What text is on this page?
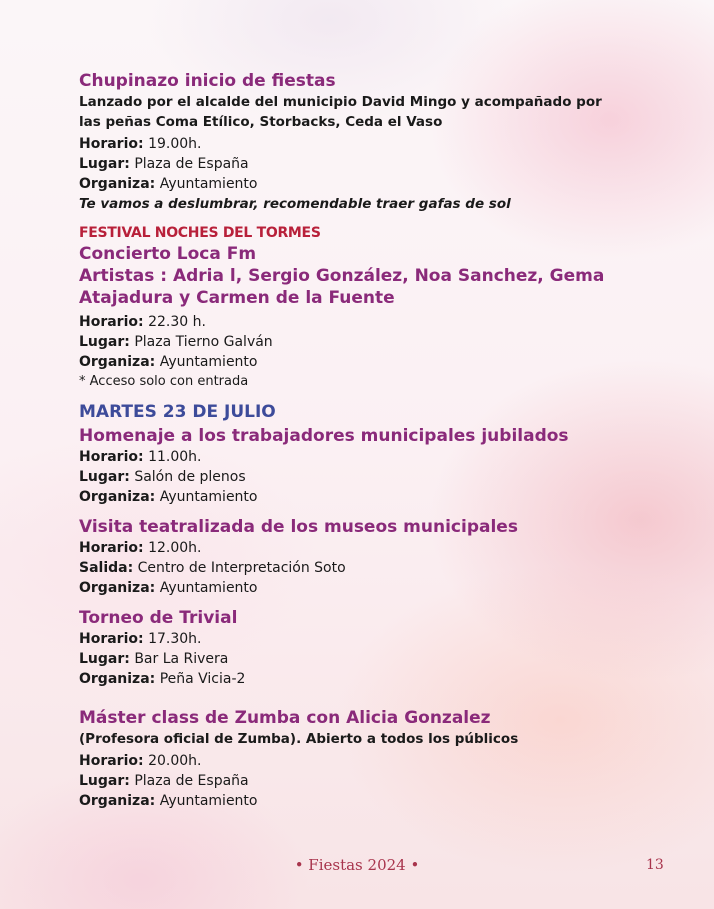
Chupinazo inicio de fiestas
Lanzado por el alcalde del municipio David Mingo y acompañado por
las peñas Coma Etílico, Storbacks, Ceda el Vaso
Horario: 19.00h.
Lugar: Plaza de España
Organiza: Ayuntamiento
Te vamos a deslumbrar, recomendable traer gafas de sol
FESTIVAL NOCHES DEL TORMES
Concierto Loca Fm
Artistas : Adria l, Sergio González, Noa Sanchez, Gema
Atajadura y Carmen de la Fuente
Horario: 22.30 h.
Lugar: Plaza Tierno Galván
Organiza: Ayuntamiento
* Acceso solo con entrada
MARTES 23 DE JULIO
Homenaje a los trabajadores municipales jubilados
Horario: 11.00h.
Lugar: Salón de plenos
Organiza: Ayuntamiento
Visita teatralizada de los museos municipales
Horario: 12.00h.
Salida: Centro de Interpretación Soto
Organiza: Ayuntamiento
Torneo de Trivial
Horario: 17.30h.
Lugar: Bar La Rivera
Organiza: Peña Vicia-2
Máster class de Zumba con Alicia Gonzalez
(Profesora oficial de Zumba). Abierto a todos los públicos
Horario: 20.00h.
Lugar: Plaza de España
Organiza: Ayuntamiento
• Fiestas 2024 •	13
